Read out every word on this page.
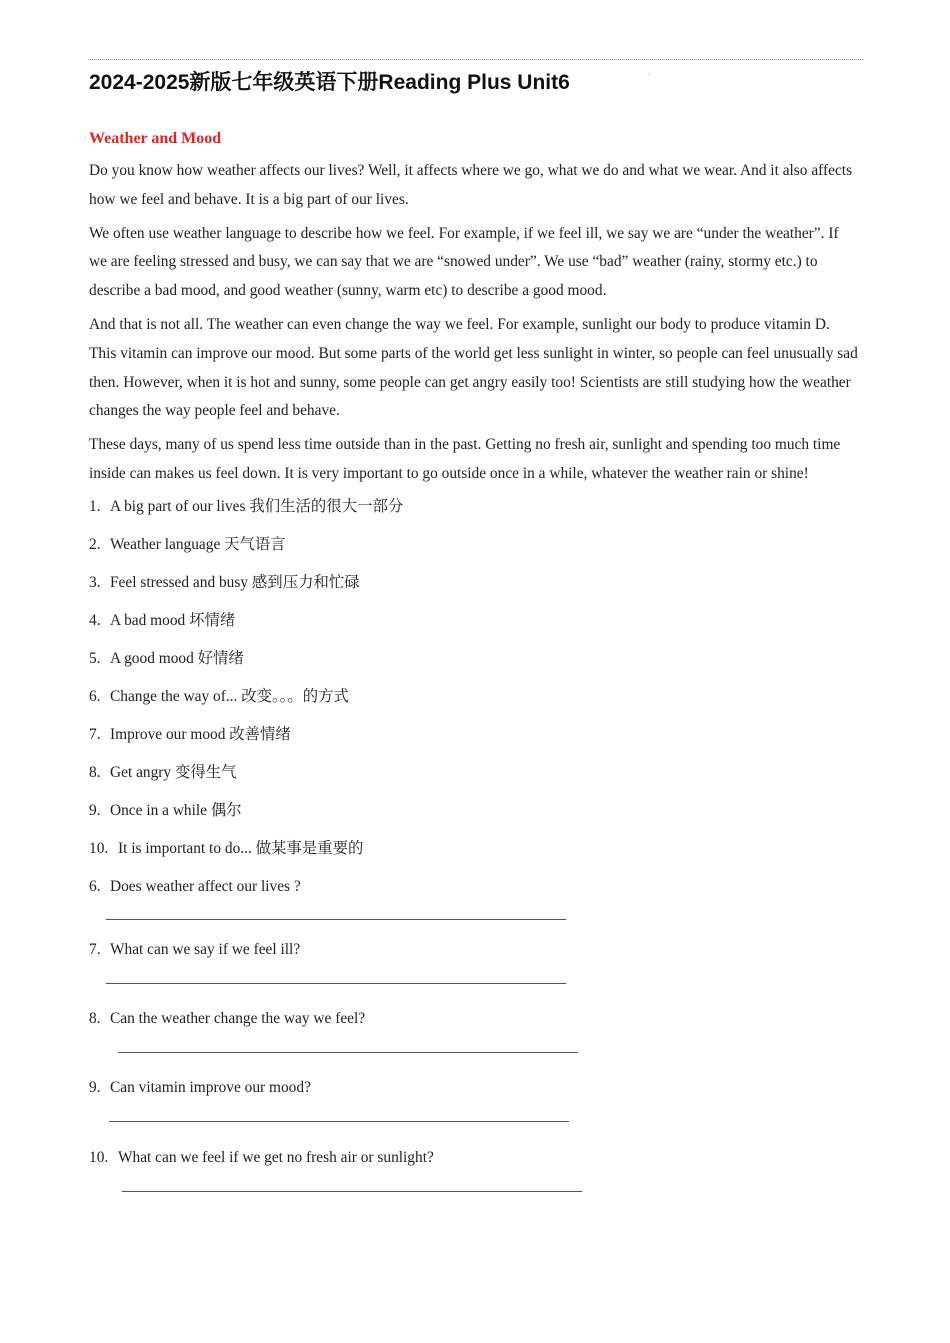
2024-2025新版七年级英语下册Reading Plus Unit6	·
Weather and Mood

Do you know how weather affects our lives? Well, it affects where we go, what we do and what we wear. And it also affects how we feel and behave. It is a big part of our lives.

We often use weather language to describe how we feel. For example, if we feel ill, we say we are “under the weather”. If we are feeling stressed and busy, we can say that we are “snowed under”. We use “bad” weather (rainy, stormy etc.) to describe a bad mood, and good weather (sunny, warm etc) to describe a good mood.

And that is not all. The weather can even change the way we feel. For example, sunlight our body to produce vitamin D. This vitamin can improve our mood. But some parts of the world get less sunlight in winter, so people can feel unusually sad then. However, when it is hot and sunny, some people can get angry easily too! Scientists are still studying how the weather changes the way people feel and behave.

These days, many of us spend less time outside than in the past. Getting no fresh air, sunlight and spending too much time inside can makes us feel down. It is very important to go outside once in a while, whatever the weather rain or shine!

1. A big part of our lives 我们生活的很大一部分
2. Weather language 天气语言
3. Feel stressed and busy 感到压力和忙碌
4. A bad mood 坏情绪
5. A good mood 好情绪
6. Change the way of... 改变。。。的方式
7. Improve our mood 改善情绪
8. Get angry 变得生气
9. Once in a while 偶尔
10. It is important to do... 做某事是重要的
6. Does weather affect our lives ?
7. What can we say if we feel ill?
8. Can the weather change the way we feel?
9. Can vitamin improve our mood?
10. What can we feel if we get no fresh air or sunlight?
